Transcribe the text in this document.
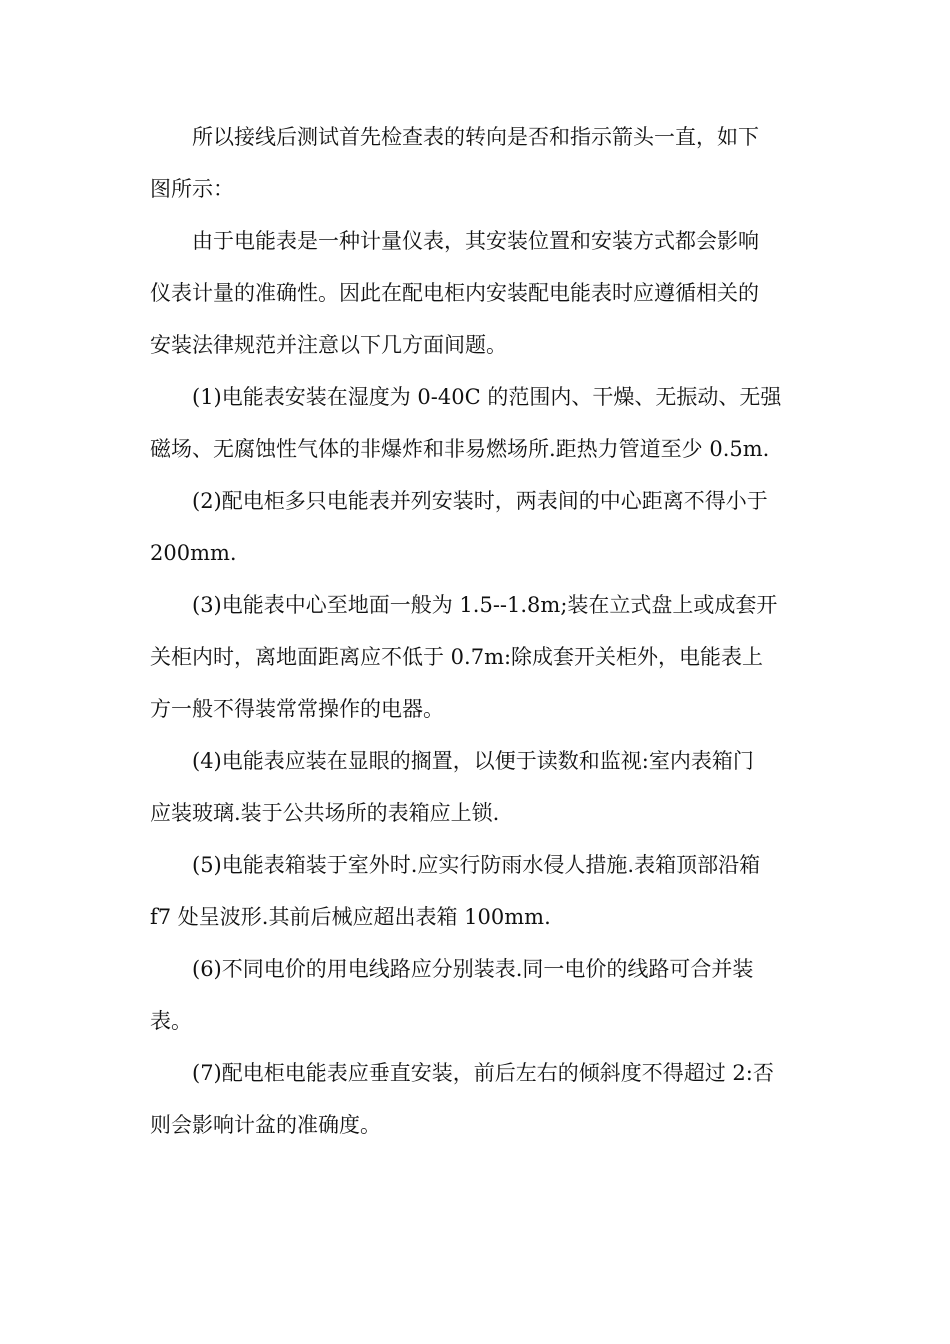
所以接线后测试首先检查表的转向是否和指示箭头一直，如下
图所示：

由于电能表是一种计量仪表，其安装位置和安装方式都会影响
仪表计量的准确性。因此在配电柜内安装配电能表时应遵循相关的
安装法律规范并注意以下几方面间题。

(1)电能表安装在湿度为 0-40C 的范围内、干燥、无振动、无强
磁场、无腐蚀性气体的非爆炸和非易燃场所.距热力管道至少 0.5m.

(2)配电柜多只电能表并列安装时，两表间的中心距离不得小于
200mm.

(3)电能表中心至地面一般为 1.5--1.8m;装在立式盘上或成套开
关柜内时，离地面距离应不低于 0.7m:除成套开关柜外，电能表上
方一般不得装常常操作的电器。

(4)电能表应装在显眼的搁置，以便于读数和监视:室内表箱门
应装玻璃.装于公共场所的表箱应上锁.

(5)电能表箱装于室外时.应实行防雨水侵人措施.表箱顶部沿箱
f7 处呈波形.其前后械应超出表箱 100mm.

(6)不同电价的用电线路应分别装表.同一电价的线路可合并装
表。

(7)配电柜电能表应垂直安装，前后左右的倾斜度不得超过 2:否
则会影响计盆的准确度。
